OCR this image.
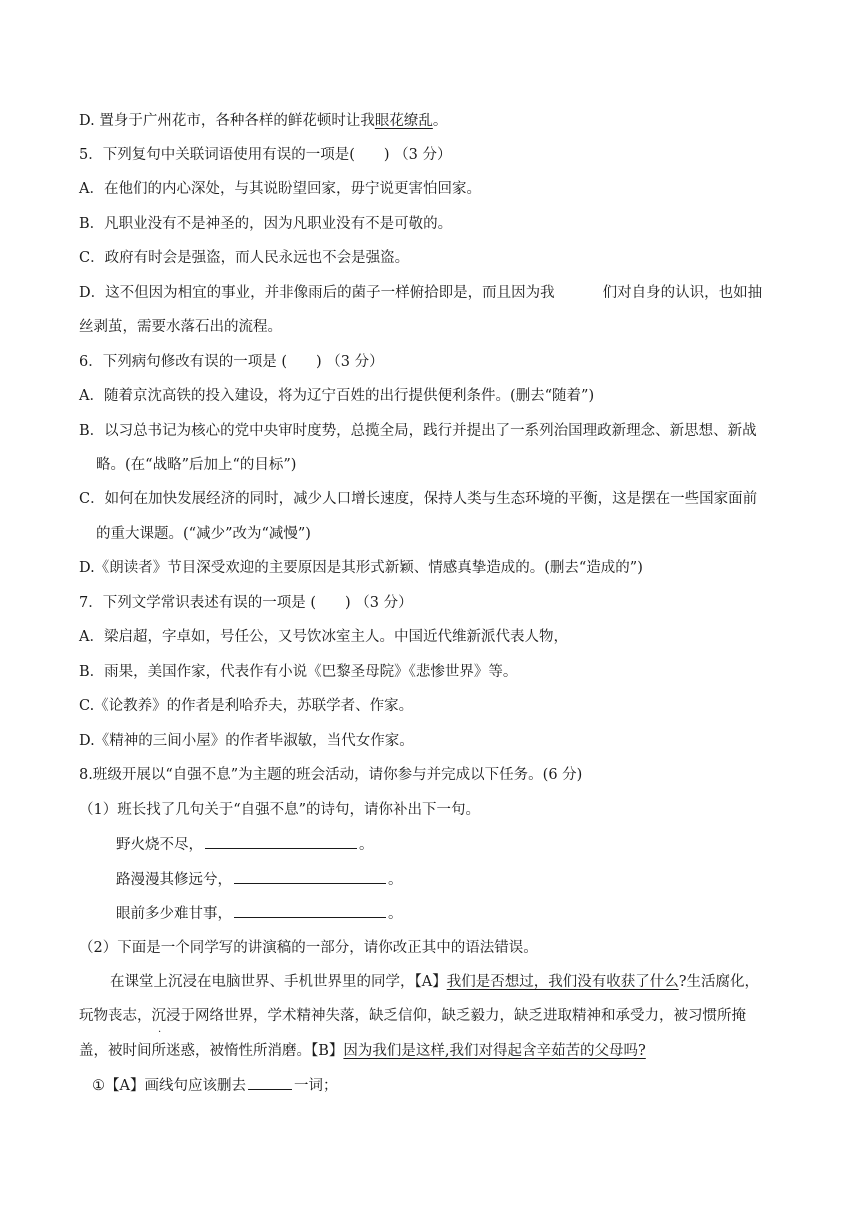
D. 置身于广州花市，各种各样的鲜花顿时让我眼花缭乱。
5．下列复句中关联词语使用有误的一项是(　　) （3 分）
A．在他们的内心深处，与其说盼望回家，毋宁说更害怕回家。
B．凡职业没有不是神圣的，因为凡职业没有不是可敬的。
C．政府有时会是强盗，而人民永远也不会是强盗。
D．这不但因为相宜的事业，并非像雨后的菌子一样俯拾即是，而且因为我	们对自身的认识，也如抽
丝剥茧，需要水落石出的流程。
6．下列病句修改有误的一项是 (　　) （3 分）
A．随着京沈高铁的投入建设，将为辽宁百姓的出行提供便利条件。(删去“随着”)
B．以习总书记为核心的党中央审时度势，总揽全局，践行并提出了一系列治国理政新理念、新思想、新战
略。(在“战略”后加上“的目标”)
C．如何在加快发展经济的同时，减少人口增长速度，保持人类与生态环境的平衡，这是摆在一些国家面前
的重大课题。(“减少”改为“减慢”)
D.《朗读者》节目深受欢迎的主要原因是其形式新颖、情感真挚造成的。(删去“造成的”)
7．下列文学常识表述有误的一项是 (　　) （3 分）
A．梁启超，字卓如，号任公，又号饮冰室主人。中国近代维新派代表人物，
B．雨果，美国作家，代表作有小说《巴黎圣母院》《悲惨世界》等。
C.《论教养》的作者是利哈乔夫，苏联学者、作家。
D.《精神的三间小屋》的作者毕淑敏，当代女作家。
8.班级开展以“自强不息”为主题的班会活动，请你参与并完成以下任务。(6 分)
（1）班长找了几句关于“自强不息”的诗句，请你补出下一句。
野火烧不尽，	。
路漫漫其修远兮，	。
眼前多少难甘事，	。
（2）下面是一个同学写的讲演稿的一部分，请你改正其中的语法错误。
在课堂上沉浸在电脑世界、手机世界里的同学，【A】我们是否想过，我们没有收获了什么?生活腐化，
玩物丧志，沉浸于网络世界，学术精神失落，缺乏信仰，缺乏毅力，缺乏进取精神和承受力，被习惯所掩
盖，被时间所迷惑，被惰性所消磨。【B】因为我们是这样,我们对得起含辛茹苦的父母吗?
①【A】画线句应该删去	一词；
